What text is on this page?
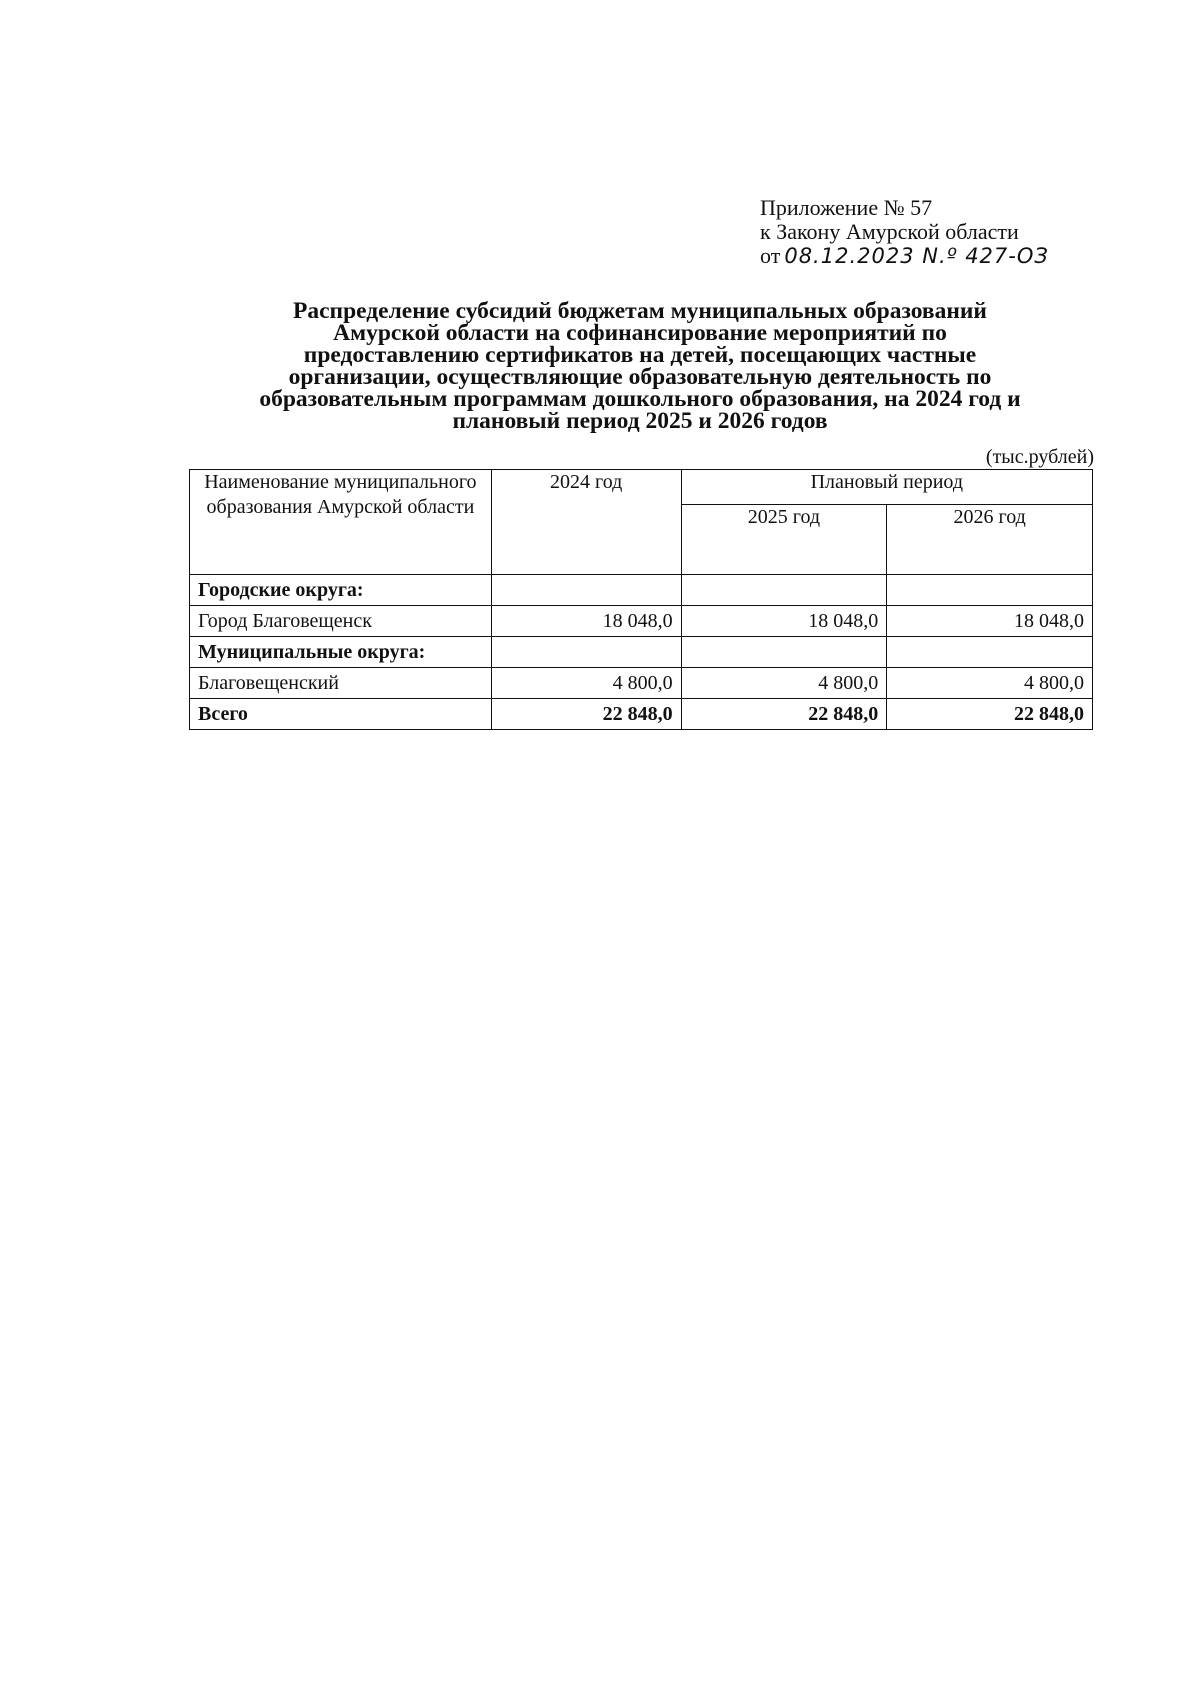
Приложение № 57
к Закону Амурской области
от 08.12.2023 N.º 427-ОЗ
Распределение субсидий бюджетам муниципальных образований
Амурской области на софинансирование мероприятий по
предоставлению сертификатов на детей, посещающих частные
организации, осуществляющие образовательную деятельность по
образовательным программам дошкольного образования, на 2024 год и
плановый период 2025 и 2026 годов
(тыс.рублей)
Наименование муниципального образования Амурской области	2024 год	Плановый период	
		2025 год	2026 год
Городские округа:			
Город Благовещенск	18 048,0	18 048,0	18 048,0
Муниципальные округа:			
Благовещенский	4 800,0	4 800,0	4 800,0
Всего	22 848,0	22 848,0	22 848,0
